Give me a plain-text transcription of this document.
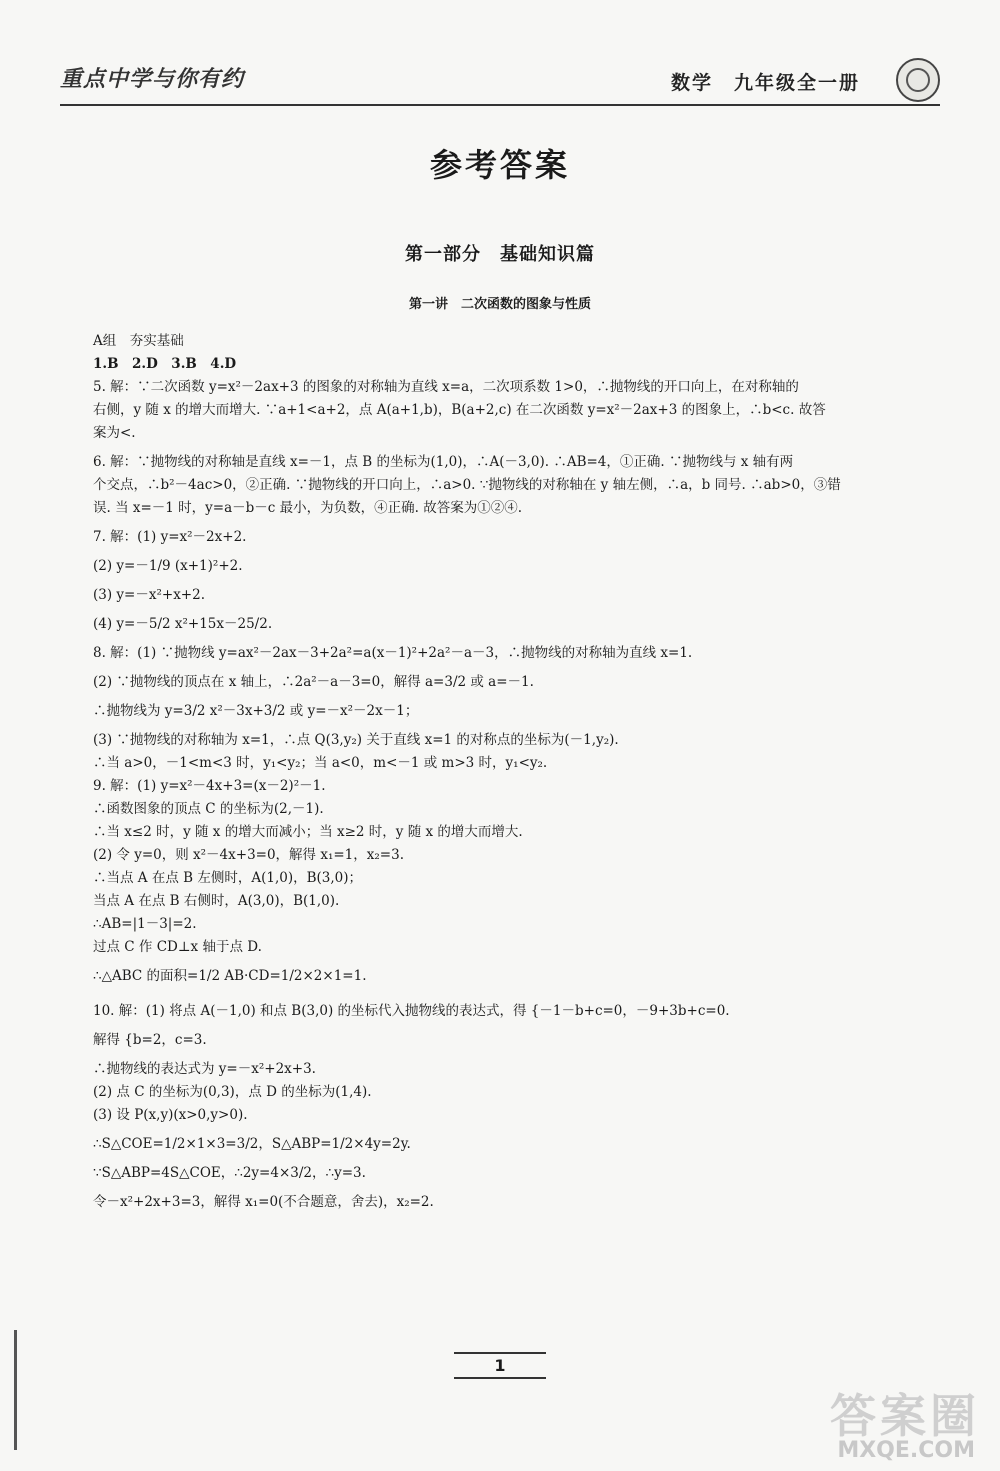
重点中学与你有约	数学　九年级全一册
参考答案
第一部分　基础知识篇
第一讲　二次函数的图象与性质

A组　夯实基础

1.B　2.D　3.B　4.D

5. 解：∵二次函数 y=x²－2ax+3 的图象的对称轴为直线 x=a，二次项系数 1>0，∴抛物线的开口向上，在对称轴的

右侧，y 随 x 的增大而增大. ∵a+1<a+2，点 A(a+1,b)，B(a+2,c) 在二次函数 y=x²－2ax+3 的图象上，∴b<c. 故答

案为<.

6. 解：∵抛物线的对称轴是直线 x=－1，点 B 的坐标为(1,0)，∴A(－3,0). ∴AB=4，①正确. ∵抛物线与 x 轴有两

个交点，∴b²－4ac>0，②正确. ∵抛物线的开口向上，∴a>0. ∵抛物线的对称轴在 y 轴左侧，∴a，b 同号. ∴ab>0，③错

误. 当 x=－1 时，y=a－b－c 最小，为负数，④正确. 故答案为①②④.

7. 解：(1) y=x²－2x+2.

(2) y=－1/9 (x+1)²+2.

(3) y=－x²+x+2.

(4) y=－5/2 x²+15x－25/2.

8. 解：(1) ∵抛物线 y=ax²－2ax－3+2a²=a(x－1)²+2a²－a－3，∴抛物线的对称轴为直线 x=1.

(2) ∵抛物线的顶点在 x 轴上，∴2a²－a－3=0，解得 a=3/2 或 a=－1.

∴抛物线为 y=3/2 x²－3x+3/2 或 y=－x²－2x－1；

(3) ∵抛物线的对称轴为 x=1，∴点 Q(3,y₂) 关于直线 x=1 的对称点的坐标为(－1,y₂).

∴当 a>0，－1<m<3 时，y₁<y₂；当 a<0，m<－1 或 m>3 时，y₁<y₂.

9. 解：(1) y=x²－4x+3=(x－2)²－1.

∴函数图象的顶点 C 的坐标为(2,－1).

∴当 x≤2 时，y 随 x 的增大而减小；当 x≥2 时，y 随 x 的增大而增大.

(2) 令 y=0，则 x²－4x+3=0，解得 x₁=1，x₂=3.

∴当点 A 在点 B 左侧时，A(1,0)，B(3,0)；

当点 A 在点 B 右侧时，A(3,0)，B(1,0).

∴AB=|1－3|=2.

过点 C 作 CD⊥x 轴于点 D.

∴△ABC 的面积=1/2 AB·CD=1/2×2×1=1.

10. 解：(1) 将点 A(－1,0) 和点 B(3,0) 的坐标代入抛物线的表达式，得 {－1－b+c=0，－9+3b+c=0.

解得 {b=2，c=3.

∴抛物线的表达式为 y=－x²+2x+3.

(2) 点 C 的坐标为(0,3)，点 D 的坐标为(1,4).

(3) 设 P(x,y)(x>0,y>0).

∴S△COE=1/2×1×3=3/2，S△ABP=1/2×4y=2y.

∵S△ABP=4S△COE，∴2y=4×3/2，∴y=3.

令－x²+2x+3=3，解得 x₁=0(不合题意，舍去)，x₂=2.

1
答案圈
MXQE.COM
